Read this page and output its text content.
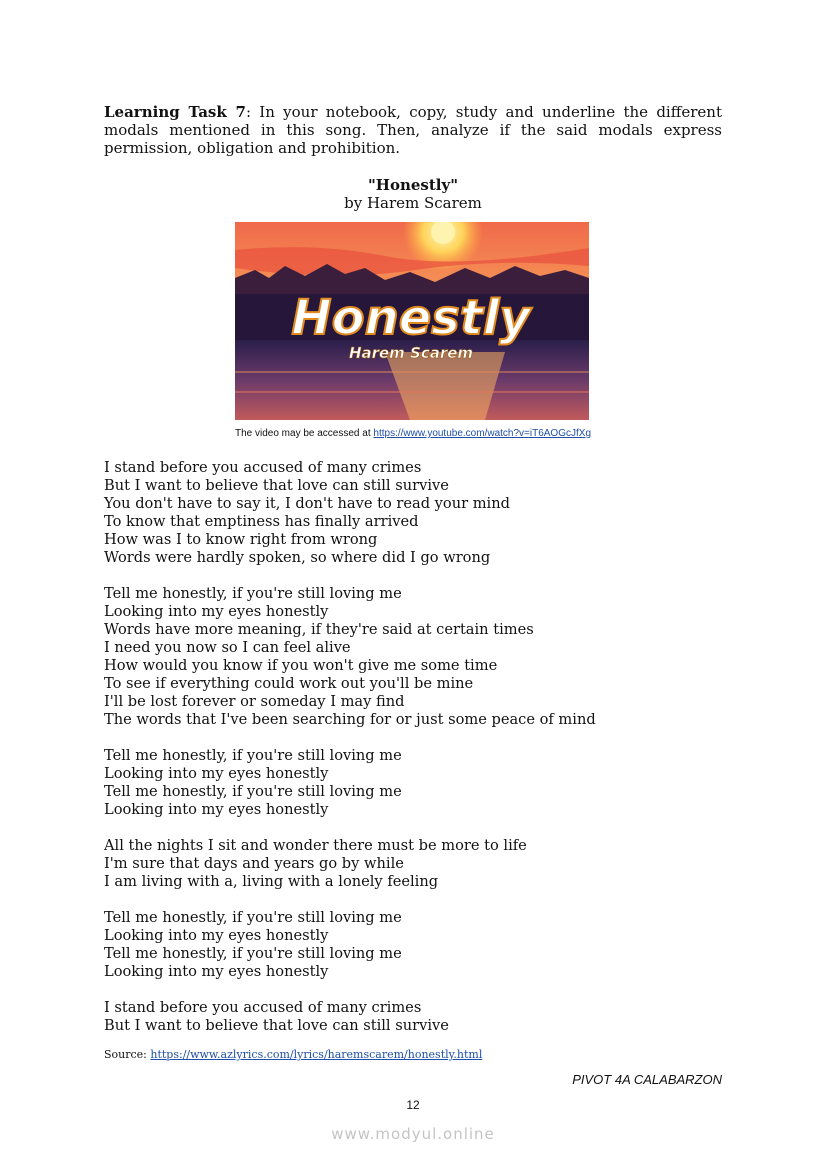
Learning Task 7: In your notebook, copy, study and underline the different modals mentioned in this song. Then, analyze if the said modals express permission, obligation and prohibition.
"Honestly"
by Harem Scarem
Honestly
Harem Scarem
The video may be accessed at https://www.youtube.com/watch?v=iT6AOGcJfXg
I stand before you accused of many crimes
But I want to believe that love can still survive
You don't have to say it, I don't have to read your mind
To know that emptiness has finally arrived
How was I to know right from wrong
Words were hardly spoken, so where did I go wrong
Tell me honestly, if you're still loving me
Looking into my eyes honestly
Words have more meaning, if they're said at certain times
I need you now so I can feel alive
How would you know if you won't give me some time
To see if everything could work out you'll be mine
I'll be lost forever or someday I may find
The words that I've been searching for or just some peace of mind
Tell me honestly, if you're still loving me
Looking into my eyes honestly
Tell me honestly, if you're still loving me
Looking into my eyes honestly
All the nights I sit and wonder there must be more to life
I'm sure that days and years go by while
I am living with a, living with a lonely feeling
Tell me honestly, if you're still loving me
Looking into my eyes honestly
Tell me honestly, if you're still loving me
Looking into my eyes honestly
I stand before you accused of many crimes
But I want to believe that love can still survive
Source: https://www.azlyrics.com/lyrics/haremscarem/honestly.html
PIVOT 4A CALABARZON
12
www.modyul.online
